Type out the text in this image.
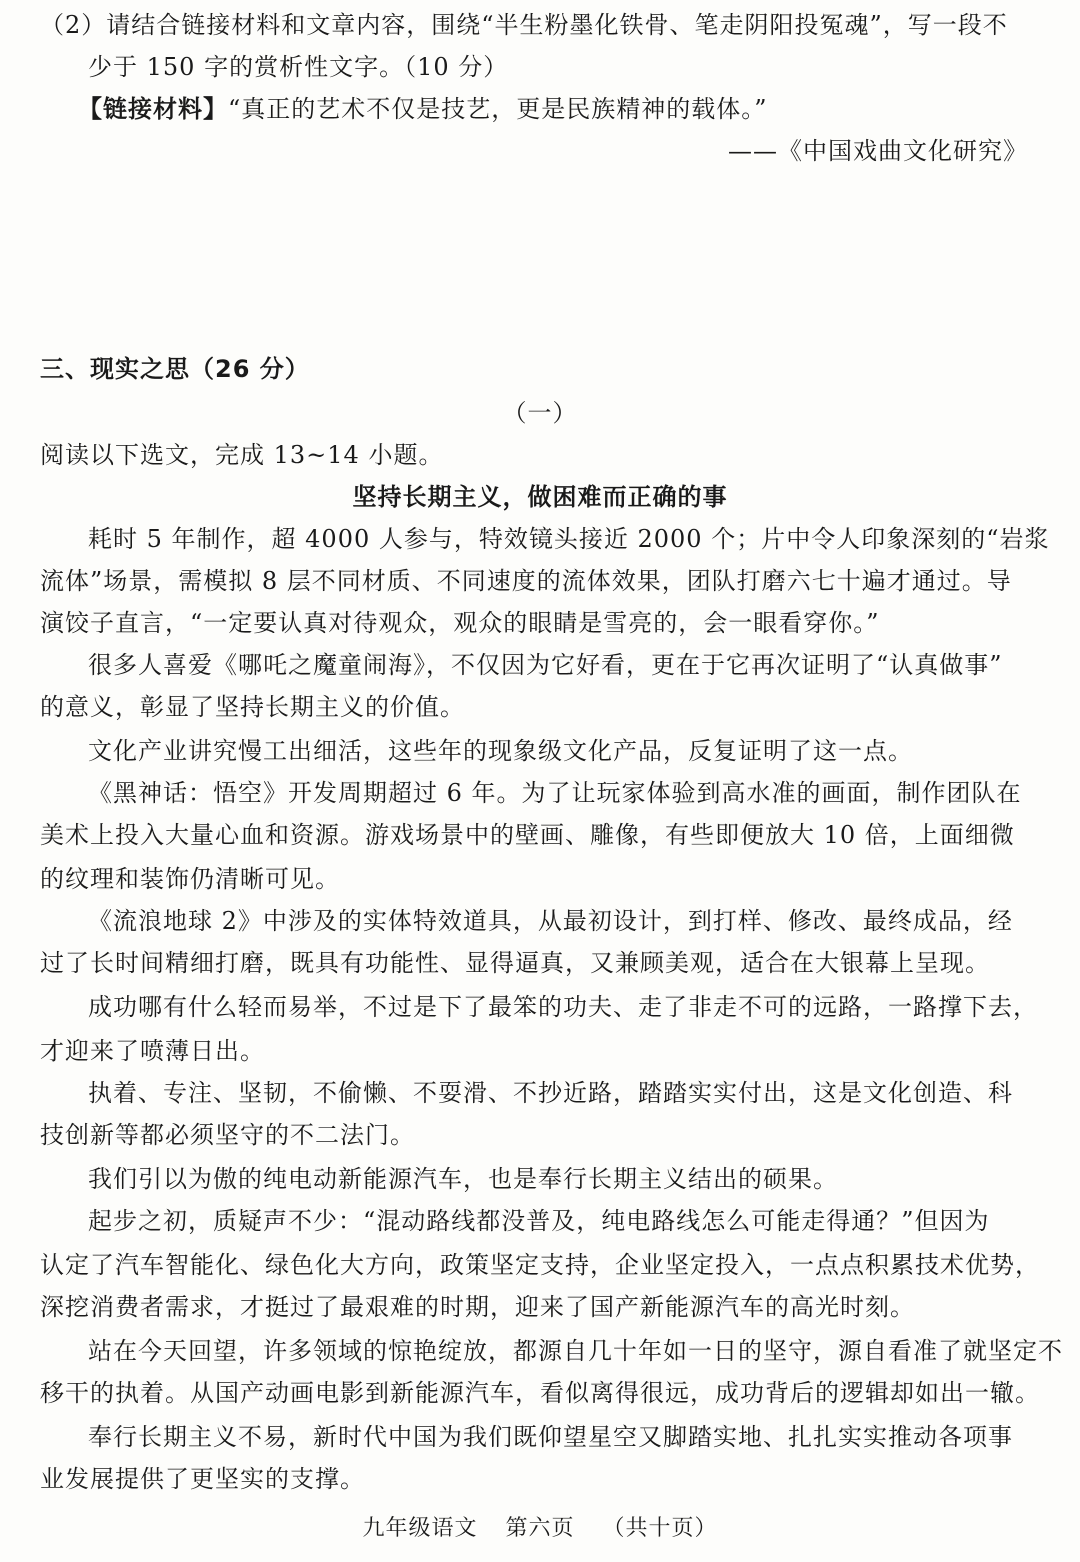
（2）请结合链接材料和文章内容，围绕“半生粉墨化铁骨、笔走阴阳投冤魂”，写一段不
少于 150 字的赏析性文字。（10 分）
【链接材料】“真正的艺术不仅是技艺，更是民族精神的载体。”
——《中国戏曲文化研究》
三、现实之思（26 分）
（一）
阅读以下选文，完成 13~14 小题。
坚持长期主义，做困难而正确的事
耗时 5 年制作，超 4000 人参与，特效镜头接近 2000 个；片中令人印象深刻的“岩浆
流体”场景，需模拟 8 层不同材质、不同速度的流体效果，团队打磨六七十遍才通过。导
演饺子直言，“一定要认真对待观众，观众的眼睛是雪亮的，会一眼看穿你。”
很多人喜爱《哪吒之魔童闹海》，不仅因为它好看，更在于它再次证明了“认真做事”
的意义，彰显了坚持长期主义的价值。
文化产业讲究慢工出细活，这些年的现象级文化产品，反复证明了这一点。
《黑神话：悟空》开发周期超过 6 年。为了让玩家体验到高水准的画面，制作团队在
美术上投入大量心血和资源。游戏场景中的壁画、雕像，有些即便放大 10 倍，上面细微
的纹理和装饰仍清晰可见。
《流浪地球 2》中涉及的实体特效道具，从最初设计，到打样、修改、最终成品，经
过了长时间精细打磨，既具有功能性、显得逼真，又兼顾美观，适合在大银幕上呈现。
成功哪有什么轻而易举，不过是下了最笨的功夫、走了非走不可的远路，一路撑下去，
才迎来了喷薄日出。
执着、专注、坚韧，不偷懒、不耍滑、不抄近路，踏踏实实付出，这是文化创造、科
技创新等都必须坚守的不二法门。
我们引以为傲的纯电动新能源汽车，也是奉行长期主义结出的硕果。
起步之初，质疑声不少：“混动路线都没普及，纯电路线怎么可能走得通？”但因为
认定了汽车智能化、绿色化大方向，政策坚定支持，企业坚定投入，一点点积累技术优势，
深挖消费者需求，才挺过了最艰难的时期，迎来了国产新能源汽车的高光时刻。
站在今天回望，许多领域的惊艳绽放，都源自几十年如一日的坚守，源自看准了就坚定不
移干的执着。从国产动画电影到新能源汽车，看似离得很远，成功背后的逻辑却如出一辙。
奉行长期主义不易，新时代中国为我们既仰望星空又脚踏实地、扎扎实实推动各项事
业发展提供了更坚实的支撑。
九年级语文 第六页 （共十页）
